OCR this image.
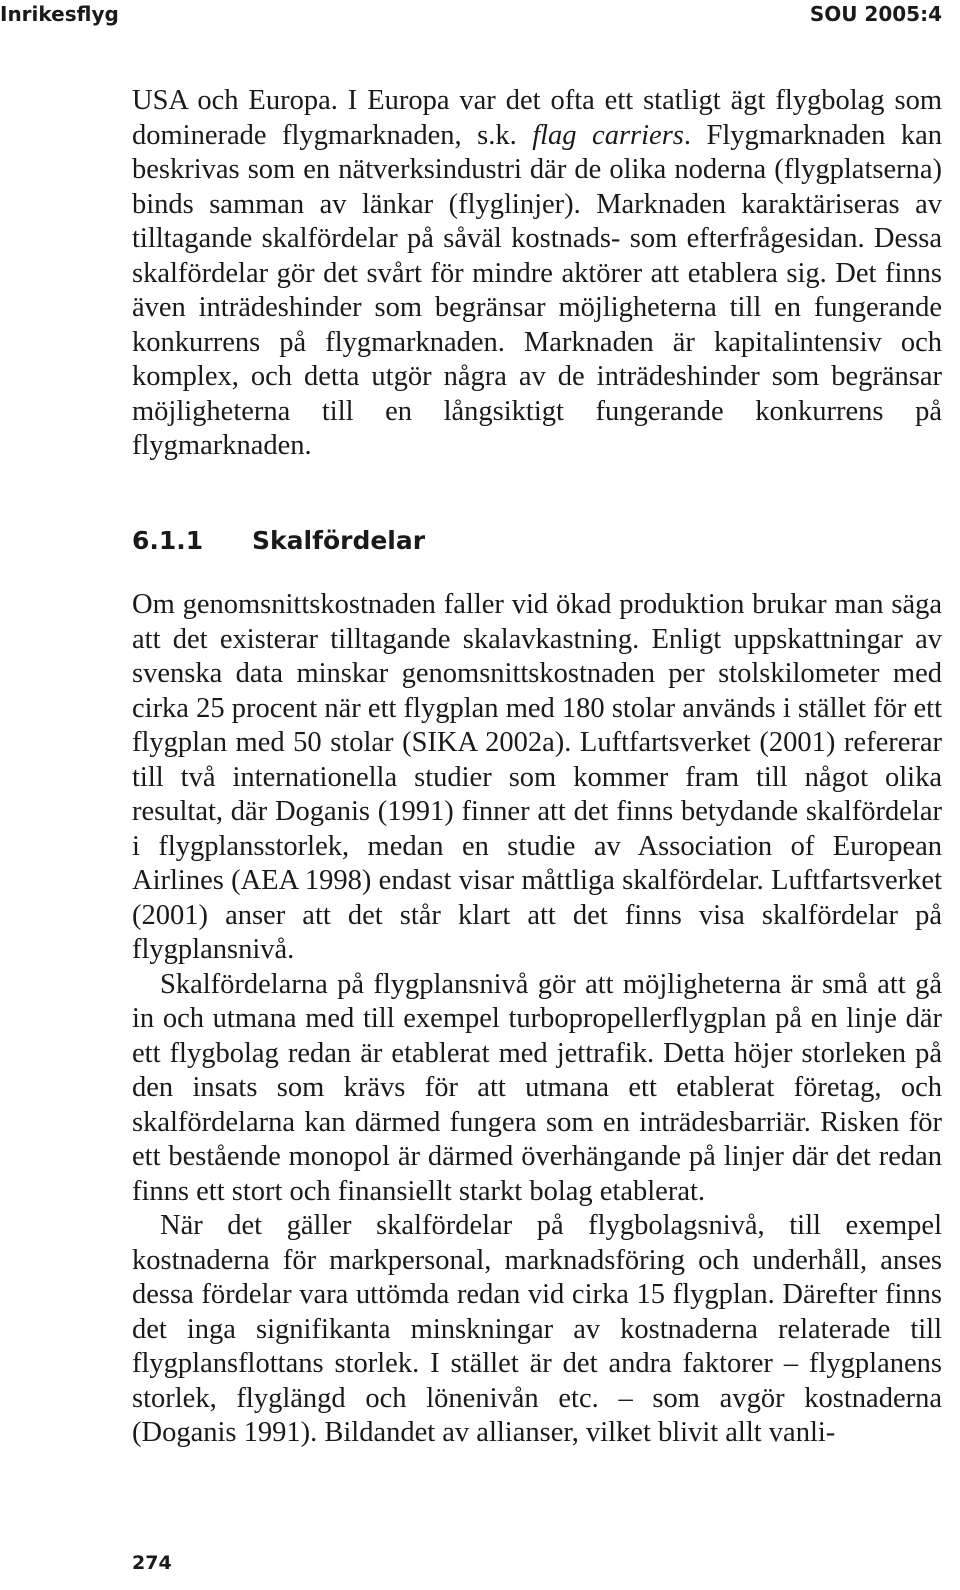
Inrikesflyg	SOU 2005:4

USA och Europa. I Europa var det ofta ett statligt ägt flygbolag som dominerade flygmarknaden, s.k. flag carriers. Flygmarknaden kan beskrivas som en nätverksindustri där de olika noderna (flygplatserna) binds samman av länkar (flyglinjer). Marknaden karaktäriseras av tilltagande skalfördelar på såväl kostnads- som efterfrågesidan. Dessa skalfördelar gör det svårt för mindre aktörer att etablera sig. Det finns även inträdeshinder som begränsar möjligheterna till en fungerande konkurrens på flygmarknaden. Marknaden är kapitalintensiv och komplex, och detta utgör några av de inträdeshinder som begränsar möjligheterna till en långsiktigt fungerande konkurrens på flygmarknaden.

6.1.1 Skalfördelar

Om genomsnittskostnaden faller vid ökad produktion brukar man säga att det existerar tilltagande skalavkastning. Enligt uppskattningar av svenska data minskar genomsnittskostnaden per stolskilometer med cirka 25 procent när ett flygplan med 180 stolar används i stället för ett flygplan med 50 stolar (SIKA 2002a). Luftfartsverket (2001) refererar till två internationella studier som kommer fram till något olika resultat, där Doganis (1991) finner att det finns betydande skalfördelar i flygplansstorlek, medan en studie av Association of European Airlines (AEA 1998) endast visar måttliga skalfördelar. Luftfartsverket (2001) anser att det står klart att det finns visa skalfördelar på flygplansnivå.

Skalfördelarna på flygplansnivå gör att möjligheterna är små att gå in och utmana med till exempel turbopropellerflygplan på en linje där ett flygbolag redan är etablerat med jettrafik. Detta höjer storleken på den insats som krävs för att utmana ett etablerat företag, och skalfördelarna kan därmed fungera som en inträdesbarriär. Risken för ett bestående monopol är därmed överhängande på linjer där det redan finns ett stort och finansiellt starkt bolag etablerat.

När det gäller skalfördelar på flygbolagsnivå, till exempel kostnaderna för markpersonal, marknadsföring och underhåll, anses dessa fördelar vara uttömda redan vid cirka 15 flygplan. Därefter finns det inga signifikanta minskningar av kostnaderna relaterade till flygplansflottans storlek. I stället är det andra faktorer – flygplanens storlek, flyglängd och lönenivån etc. – som avgör kostnaderna (Doganis 1991). Bildandet av allianser, vilket blivit allt vanli-

274
